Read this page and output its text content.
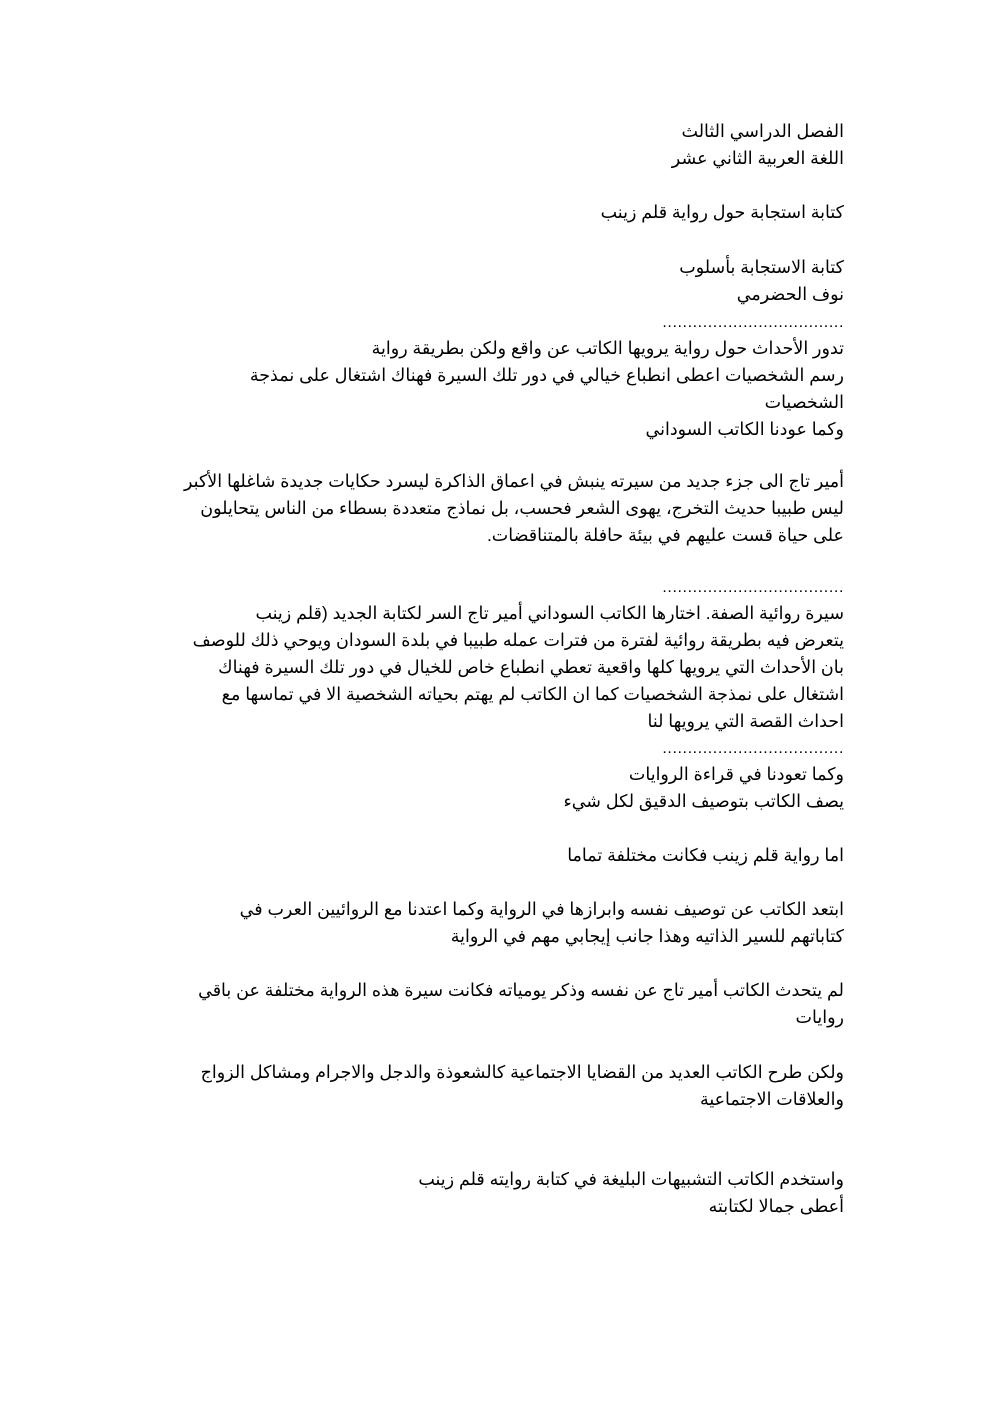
الفصل الدراسي الثالث
اللغة العربية الثاني عشر
كتابة استجابة حول رواية قلم زينب
كتابة الاستجابة بأسلوب
نوف الحضرمي
....................................
تدور الأحداث حول رواية يرويها الكاتب عن واقع ولكن بطريقة رواية
رسم الشخصيات اعطى انطباع خيالي في دور تلك السيرة فهناك اشتغال على نمذجة
الشخصيات
وكما عودنا الكاتب السوداني
أمير تاج الى جزء جديد من سيرته ينبش في اعماق الذاكرة ليسرد حكايات جديدة شاغلها الأكبر
ليس طبيبا حديث التخرج، يهوى الشعر فحسب، بل نماذج متعددة بسطاء من الناس يتحايلون
على حياة قست عليهم في بيئة حافلة بالمتناقضات.
....................................
سيرة روائية الصفة. اختارها الكاتب السوداني أمير تاج السر لكتابة الجديد (قلم زينب
يتعرض فيه بطريقة روائية لفترة من فترات عمله طبيبا في بلدة السودان ويوحي ذلك للوصف
بان الأحداث التي يرويها كلها واقعية تعطي انطباع خاص للخيال في دور تلك السيرة فهناك
اشتغال على نمذجة الشخصيات كما ان الكاتب لم يهتم بحياته الشخصية الا في تماسها مع
احداث القصة التي يرويها لنا
....................................
وكما تعودنا في قراءة الروايات
يصف الكاتب بتوصيف الدقيق لكل شيء
اما رواية قلم زينب فكانت مختلفة تماما
ابتعد الكاتب عن توصيف نفسه وابرازها في الرواية وكما اعتدنا مع الروائيين العرب في
كتاباتهم للسير الذاتيه وهذا جانب إيجابي مهم في الرواية
لم يتحدث الكاتب أمير تاج عن نفسه وذكر يومياته فكانت سيرة هذه الرواية مختلفة عن باقي
روايات
ولكن طرح الكاتب العديد من القضايا الاجتماعية كالشعوذة والدجل والاجرام ومشاكل الزواج
والعلاقات الاجتماعية
واستخدم الكاتب التشبيهات البليغة في كتابة روايته قلم زينب
أعطى جمالا لكتابته
